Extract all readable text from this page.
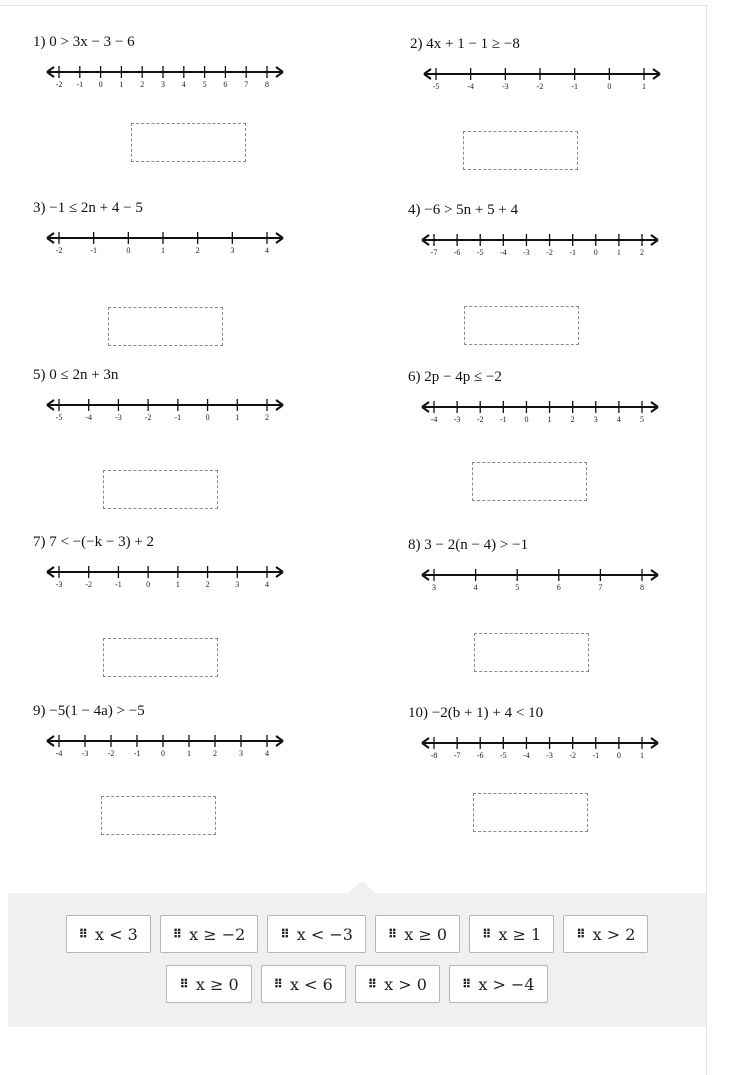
1) 0 > 3x − 3 − 6
-2 -1 0 1 2 3 4 5 6 7 8
2) 4x + 1 − 1 ≥ −8
-5	-4	-3	-2	-1	0	1
3) −1 ≤ 2n + 4 − 5
-2	-1	0	1	2	3	4
4) −6 > 5n + 5 + 4
-7 -6 -5 -4 -3 -2 -1 0 1 2
5) 0 ≤ 2n + 3n
-5	-4	-3	-2	-1	0	1	2
6) 2p − 4p ≤ −2
-4 -3 -2 -1 0 1 2 3 4 5
7) 7 < −(−k − 3) + 2
-3	-2	-1	0	1	2	3	4
8) 3 − 2(n − 4) > −1
3	4	5	6	7	8
9) −5(1 − 4a) > −5
-4 -3 -2 -1	0	1	2	3	4
10) −2(b + 1) + 4 < 10
-8 -7 -6 -5 -4 -3 -2 -1 0 1
⠿ x < 3	⠿ x ≥ −2	⠿ x < −3	⠿ x ≥ 0	⠿ x ≥ 1	⠿ x > 2
⠿ x ≥ 0	⠿ x < 6	⠿ x > 0	⠿ x > −4
